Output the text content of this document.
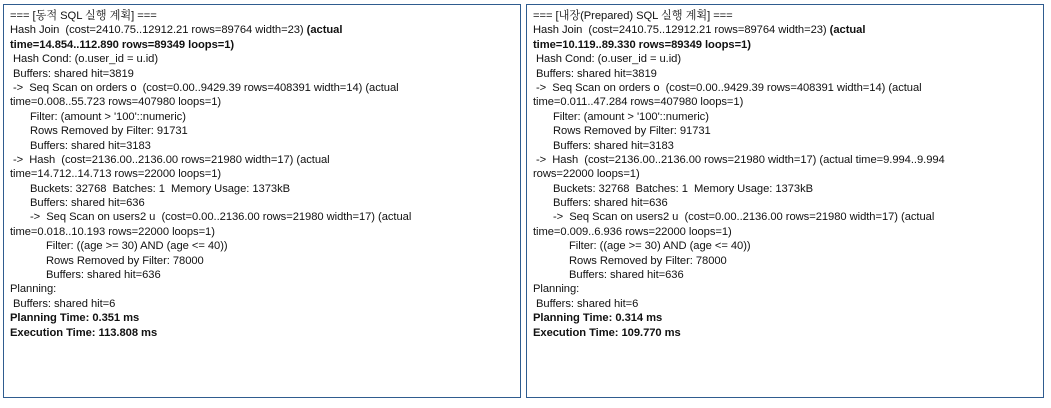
=== [동적 SQL 실행 계획] ===
Hash Join  (cost=2410.75..12912.21 rows=89764 width=23) (actual
time=14.854..112.890 rows=89349 loops=1)
Hash Cond: (o.user_id = u.id)
Buffers: shared hit=3819
->  Seq Scan on orders o  (cost=0.00..9429.39 rows=408391 width=14) (actual
time=0.008..55.723 rows=407980 loops=1)
Filter: (amount > '100'::numeric)
Rows Removed by Filter: 91731
Buffers: shared hit=3183
->  Hash  (cost=2136.00..2136.00 rows=21980 width=17) (actual
time=14.712..14.713 rows=22000 loops=1)
Buckets: 32768  Batches: 1  Memory Usage: 1373kB
Buffers: shared hit=636
->  Seq Scan on users2 u  (cost=0.00..2136.00 rows=21980 width=17) (actual
time=0.018..10.193 rows=22000 loops=1)
Filter: ((age >= 30) AND (age <= 40))
Rows Removed by Filter: 78000
Buffers: shared hit=636
Planning:
Buffers: shared hit=6
Planning Time: 0.351 ms
Execution Time: 113.808 ms
=== [내장(Prepared) SQL 실행 계획] ===
Hash Join  (cost=2410.75..12912.21 rows=89764 width=23) (actual
time=10.119..89.330 rows=89349 loops=1)
Hash Cond: (o.user_id = u.id)
Buffers: shared hit=3819
->  Seq Scan on orders o  (cost=0.00..9429.39 rows=408391 width=14) (actual
time=0.011..47.284 rows=407980 loops=1)
Filter: (amount > '100'::numeric)
Rows Removed by Filter: 91731
Buffers: shared hit=3183
->  Hash  (cost=2136.00..2136.00 rows=21980 width=17) (actual time=9.994..9.994
rows=22000 loops=1)
Buckets: 32768  Batches: 1  Memory Usage: 1373kB
Buffers: shared hit=636
->  Seq Scan on users2 u  (cost=0.00..2136.00 rows=21980 width=17) (actual
time=0.009..6.936 rows=22000 loops=1)
Filter: ((age >= 30) AND (age <= 40))
Rows Removed by Filter: 78000
Buffers: shared hit=636
Planning:
Buffers: shared hit=6
Planning Time: 0.314 ms
Execution Time: 109.770 ms
